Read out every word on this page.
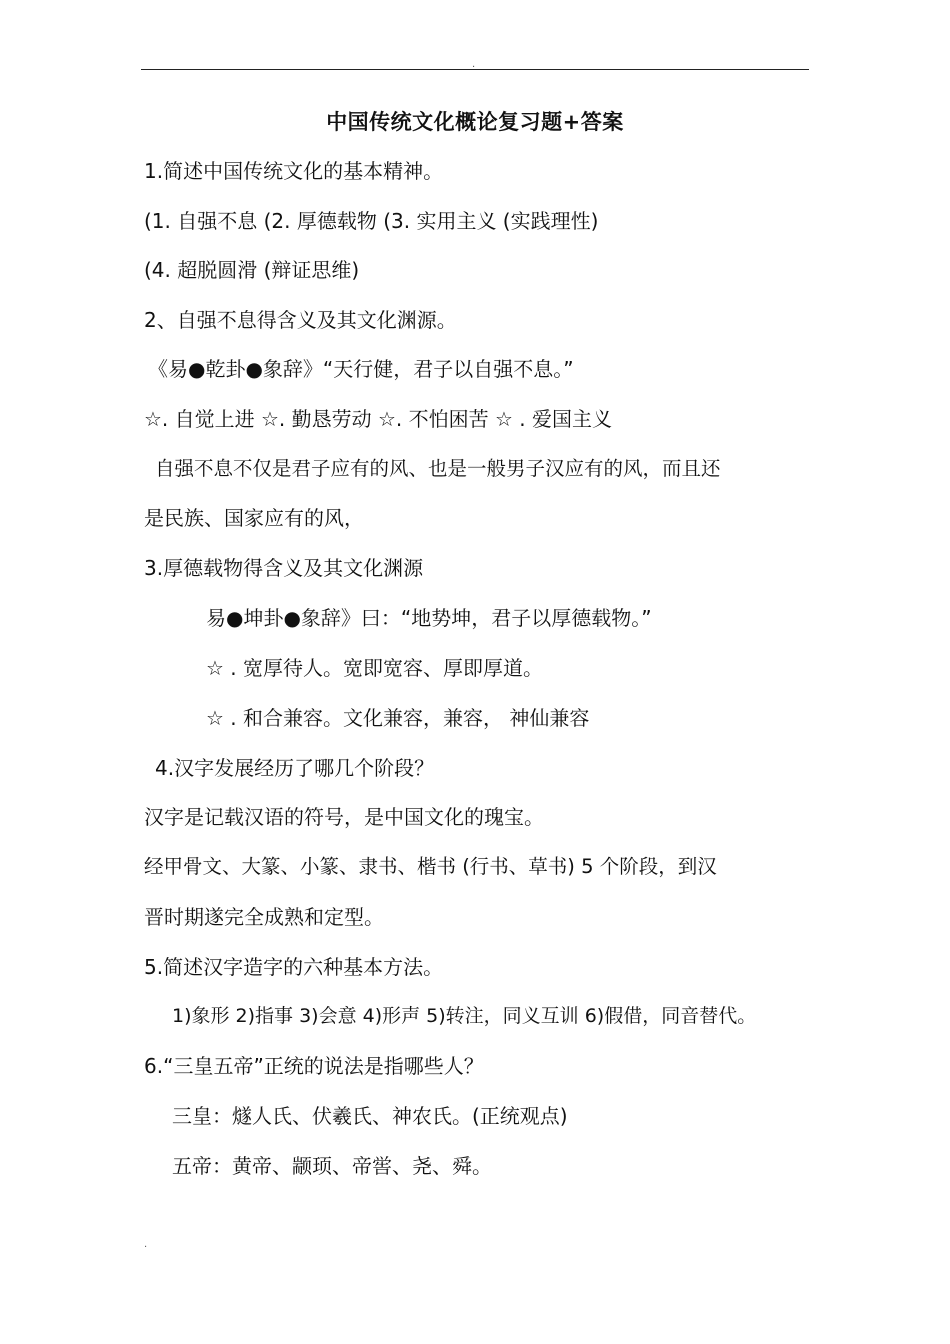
.
中国传统文化概论复习题+答案
1.简述中国传统文化的基本精神。
(1. 自强不息 (2. 厚德载物 (3. 实用主义 (实践理性)
(4. 超脱圆滑 (辩证思维)
2、自强不息得含义及其文化渊源。
《易●乾卦●象辞》“天行健，君子以自强不息。”
☆. 自觉上进 ☆. 勤恳劳动 ☆. 不怕困苦 ☆ . 爱国主义
自强不息不仅是君子应有的风、也是一般男子汉应有的风，而且还
是民族、国家应有的风，
3.厚德载物得含义及其文化渊源
易●坤卦●象辞》曰：“地势坤，君子以厚德载物。”
☆ . 宽厚待人。宽即宽容、厚即厚道。
☆ . 和合兼容。文化兼容，兼容， 神仙兼容
4.汉字发展经历了哪几个阶段？
汉字是记载汉语的符号，是中国文化的瑰宝。
经甲骨文、大篆、小篆、隶书、楷书 (行书、草书) 5 个阶段，到汉
晋时期遂完全成熟和定型。
5.简述汉字造字的六种基本方法。
1)象形 2)指事 3)会意 4)形声 5)转注，同义互训 6)假借，同音替代。
6.“三皇五帝”正统的说法是指哪些人？
三皇：燧人氏、伏羲氏、神农氏。(正统观点)
五帝：黄帝、颛顼、帝喾、尧、舜。
.
